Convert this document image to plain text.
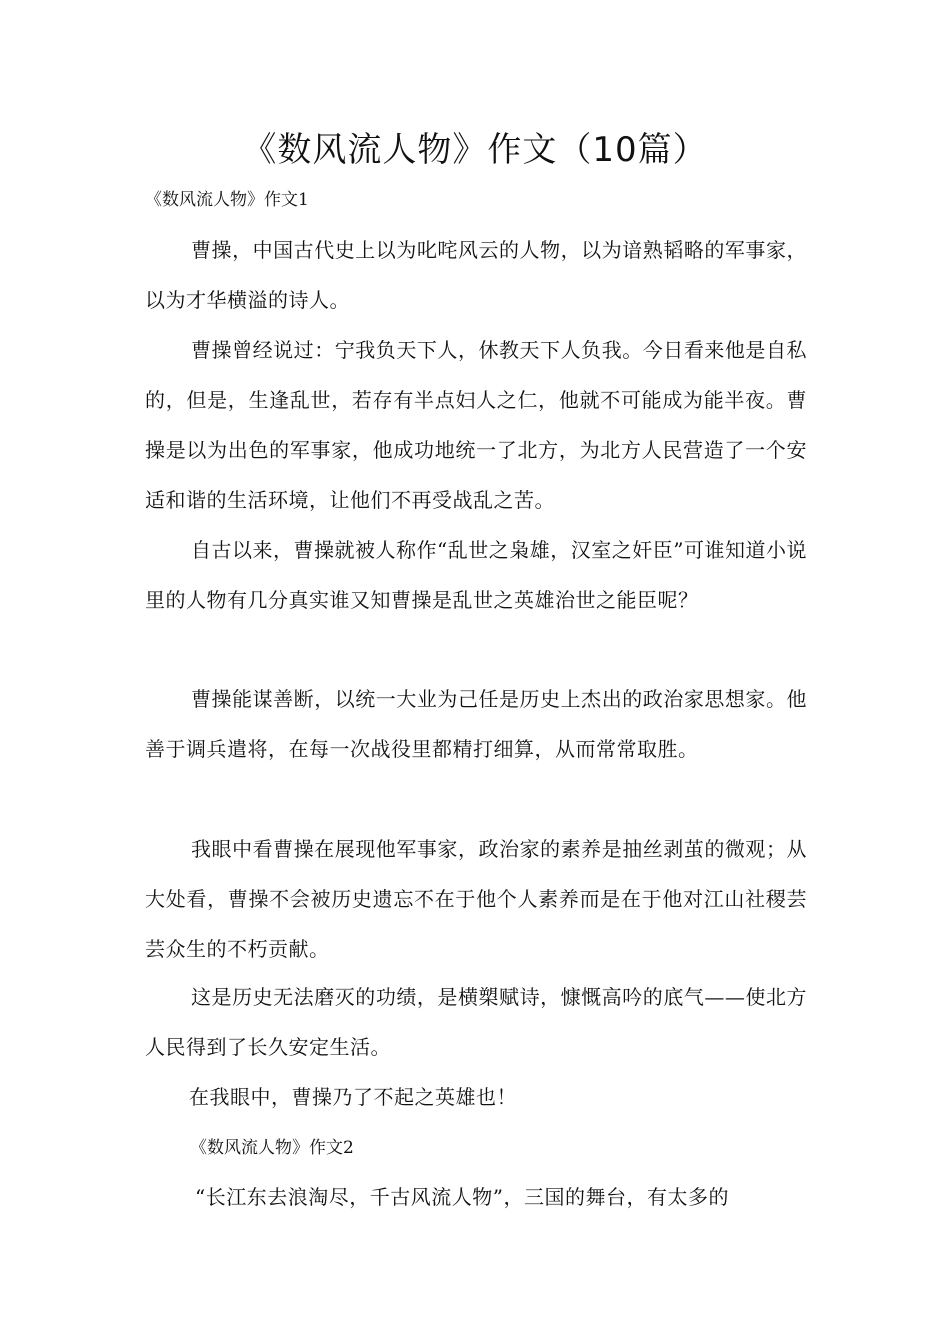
《数风流人物》作文（10篇）
《数风流人物》作文1

曹操，中国古代史上以为叱咤风云的人物，以为谙熟韬略的军事家，以为才华横溢的诗人。

曹操曾经说过：宁我负天下人，休教天下人负我。今日看来他是自私的，但是，生逢乱世，若存有半点妇人之仁，他就不可能成为能半夜。曹操是以为出色的军事家，他成功地统一了北方，为北方人民营造了一个安适和谐的生活环境，让他们不再受战乱之苦。

自古以来，曹操就被人称作“乱世之枭雄，汉室之奸臣”可谁知道小说里的人物有几分真实谁又知曹操是乱世之英雄治世之能臣呢？

曹操能谋善断，以统一大业为己任是历史上杰出的政治家思想家。他善于调兵遣将，在每一次战役里都精打细算，从而常常取胜。

我眼中看曹操在展现他军事家，政治家的素养是抽丝剥茧的微观；从大处看，曹操不会被历史遗忘不在于他个人素养而是在于他对江山社稷芸芸众生的不朽贡献。

这是历史无法磨灭的功绩，是横槊赋诗，慷慨高吟的底气——使北方人民得到了长久安定生活。

在我眼中，曹操乃了不起之英雄也！

《数风流人物》作文2

“长江东去浪淘尽，千古风流人物”，三国的舞台，有太多的
